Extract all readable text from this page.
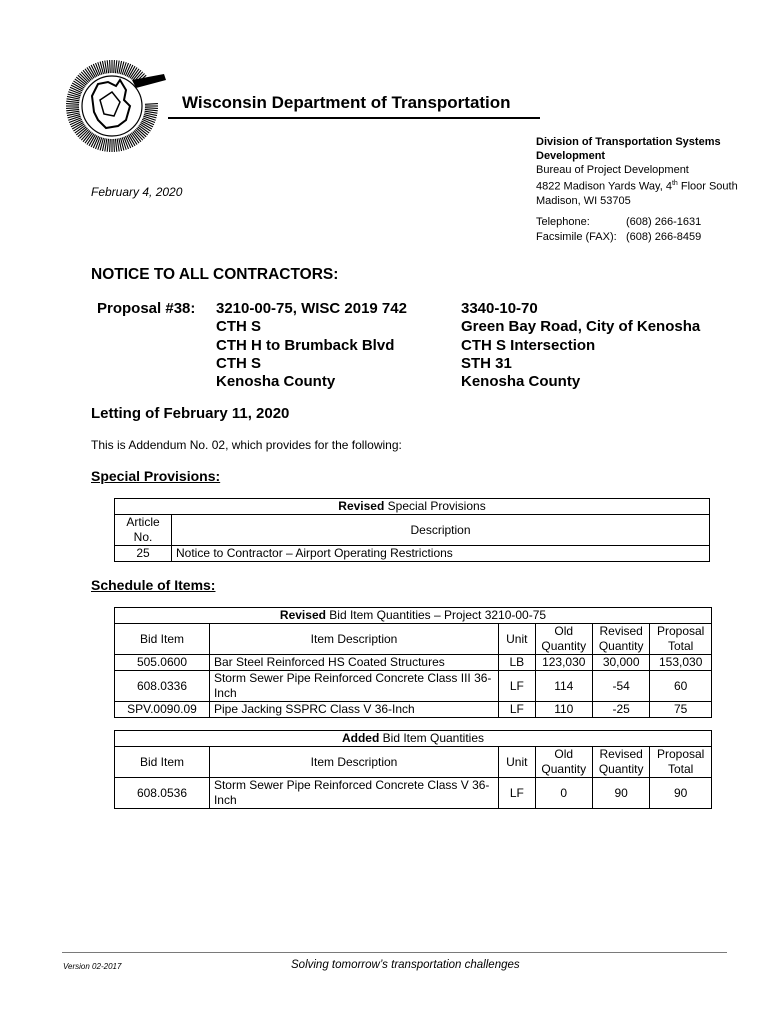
Wisconsin Department of Transportation
Division of Transportation Systems
Development
Bureau of Project Development
4822 Madison Yards Way, 4th Floor South
Madison, WI 53705
Telephone:	(608) 266-1631
Facsimile (FAX): (608) 266-8459
February 4, 2020
NOTICE TO ALL CONTRACTORS:
Proposal #38: 3210-00-75, WISC 2019 742
CTH S
CTH H to Brumback Blvd
CTH S
Kenosha County
3340-10-70
Green Bay Road, City of Kenosha
CTH S Intersection
STH 31
Kenosha County
Letting of February 11, 2020
This is Addendum No. 02, which provides for the following:
Special Provisions:
Revised Special Provisions	
Article No.	Description
25	Notice to Contractor – Airport Operating Restrictions
Schedule of Items:
Revised Bid Item Quantities – Project 3210-00-75					
Bid Item	Item Description	Unit	Old Quantity	Revised Quantity	Proposal Total
505.0600	Bar Steel Reinforced HS Coated Structures	LB	123,030	30,000	153,030
608.0336	Storm Sewer Pipe Reinforced Concrete Class III 36-Inch	LF	114	-54	60
SPV.0090.09	Pipe Jacking SSPRC Class V 36-Inch	LF	110	-25	75
Added Bid Item Quantities					
Bid Item	Item Description	Unit	Old Quantity	Revised Quantity	Proposal Total
608.0536	Storm Sewer Pipe Reinforced Concrete Class V 36-Inch	LF	0	90	90
Version 02-2017	Solving tomorrow’s transportation challenges
